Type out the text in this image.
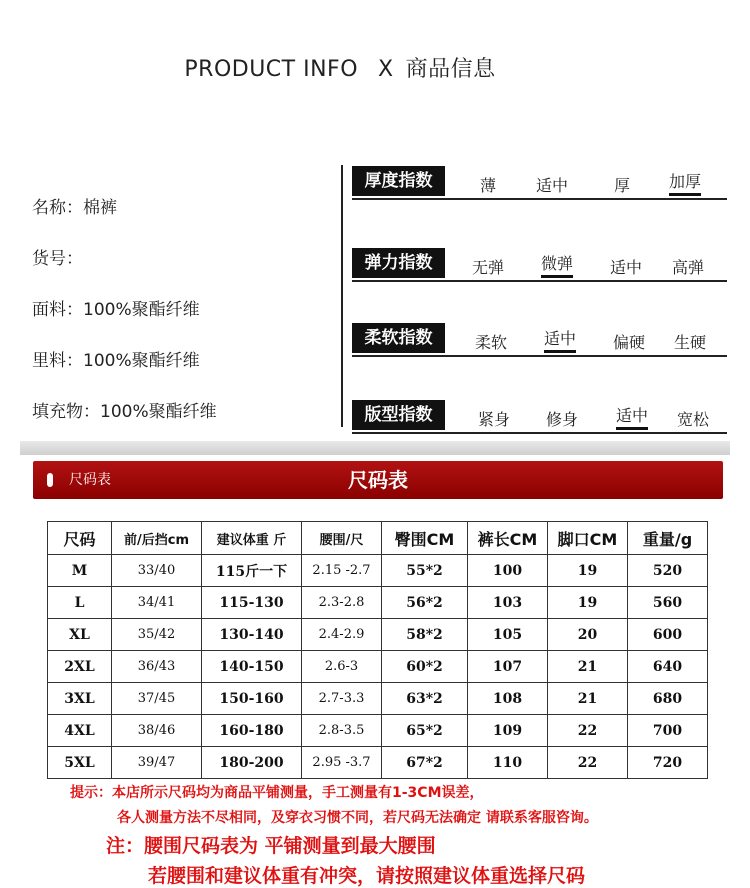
PRODUCT INFO X 商品信息
名称：棉裤
货号：
面料：100%聚酯纤维
里料：100%聚酯纤维
填充物：100%聚酯纤维
厚度指数	薄 适中	厚 加厚
弹力指数	无弹 微弹 适中 高弹
柔软指数	柔软 适中 偏硬 生硬
版型指数	紧身 修身 适中 宽松
尺码表	尺码表
尺码	前/后挡cm	建议体重 斤	腰围/尺	臀围CM	裤长CM	脚口CM	重量/g
M	33/40	115斤一下	2.15 -2.7	55*2	100	19	520
L	34/41	115-130	2.3-2.8	56*2	103	19	560
XL	35/42	130-140	2.4-2.9	58*2	105	20	600
2XL	36/43	140-150	2.6-3	60*2	107	21	640
3XL	37/45	150-160	2.7-3.3	63*2	108	21	680
4XL	38/46	160-180	2.8-3.5	65*2	109	22	700
5XL	39/47	180-200	2.95 -3.7	67*2	110	22	720
提示：本店所示尺码均为商品平铺测量，手工测量有1-3CM误差，
各人测量方法不尽相同，及穿衣习惯不同，若尺码无法确定 请联系客服咨询。
注：腰围尺码表为 平铺测量到最大腰围
若腰围和建议体重有冲突，请按照建议体重选择尺码
